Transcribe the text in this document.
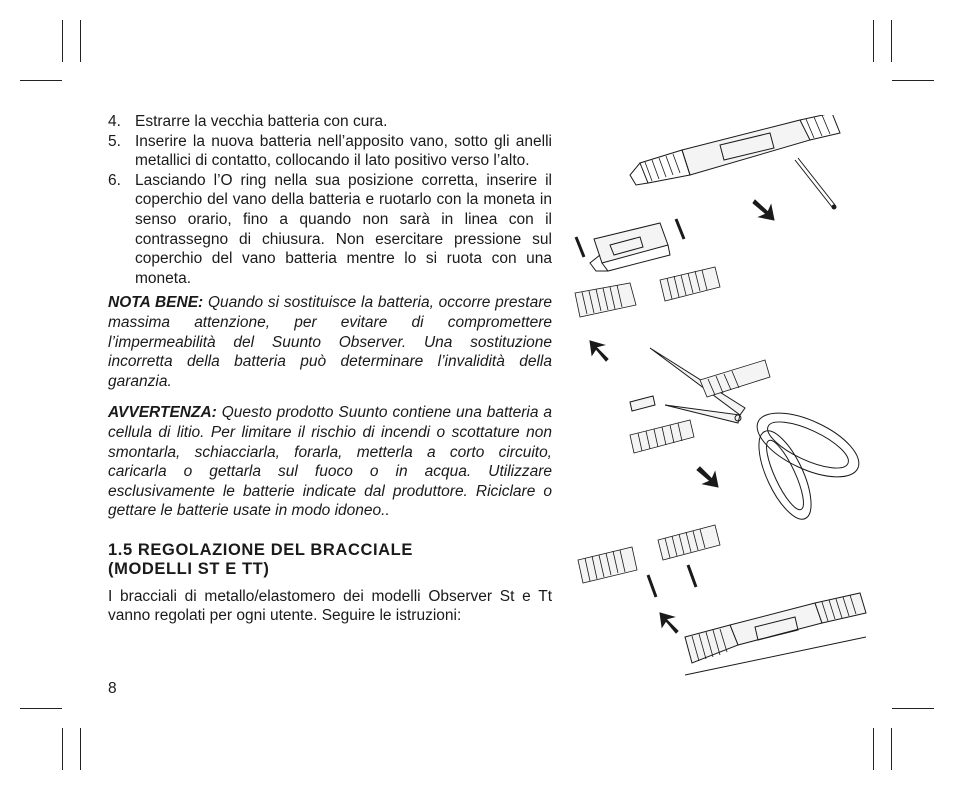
4. Estrarre la vecchia batteria con cura.
5. Inserire la nuova batteria nell’apposito vano, sotto gli anelli metallici di contatto, collocando il lato positivo verso l’alto.
6. Lasciando l’O ring nella sua posizione corretta, inserire il coperchio del vano della batteria e ruotarlo con la moneta in senso orario, fino a quando non sarà in linea con il contrassegno di chiusura. Non esercitare pressione sul coperchio del vano batteria mentre lo si ruota con una moneta.
NOTA BENE: Quando si sostituisce la batteria, occorre prestare massima attenzione, per evitare di compromettere l’impermeabilità del Suunto Observer. Una sostituzione incorretta della batteria può determinare l’invalidità della garanzia.
AVVERTENZA: Questo prodotto Suunto contiene una batteria a cellula di litio. Per limitare il rischio di incendi o scottature non smontarla, schiacciarla, forarla, metterla a corto circuito, caricarla o gettarla sul fuoco o in acqua. Utilizzare esclusivamente le batterie indicate dal produttore. Riciclare o gettare le batterie usate in modo idoneo..
1.5 REGOLAZIONE DEL BRACCIALE
(MODELLI ST E TT)
I bracciali di metallo/elastomero dei modelli Observer St e Tt vanno regolati per ogni utente. Seguire le istruzioni:
8
